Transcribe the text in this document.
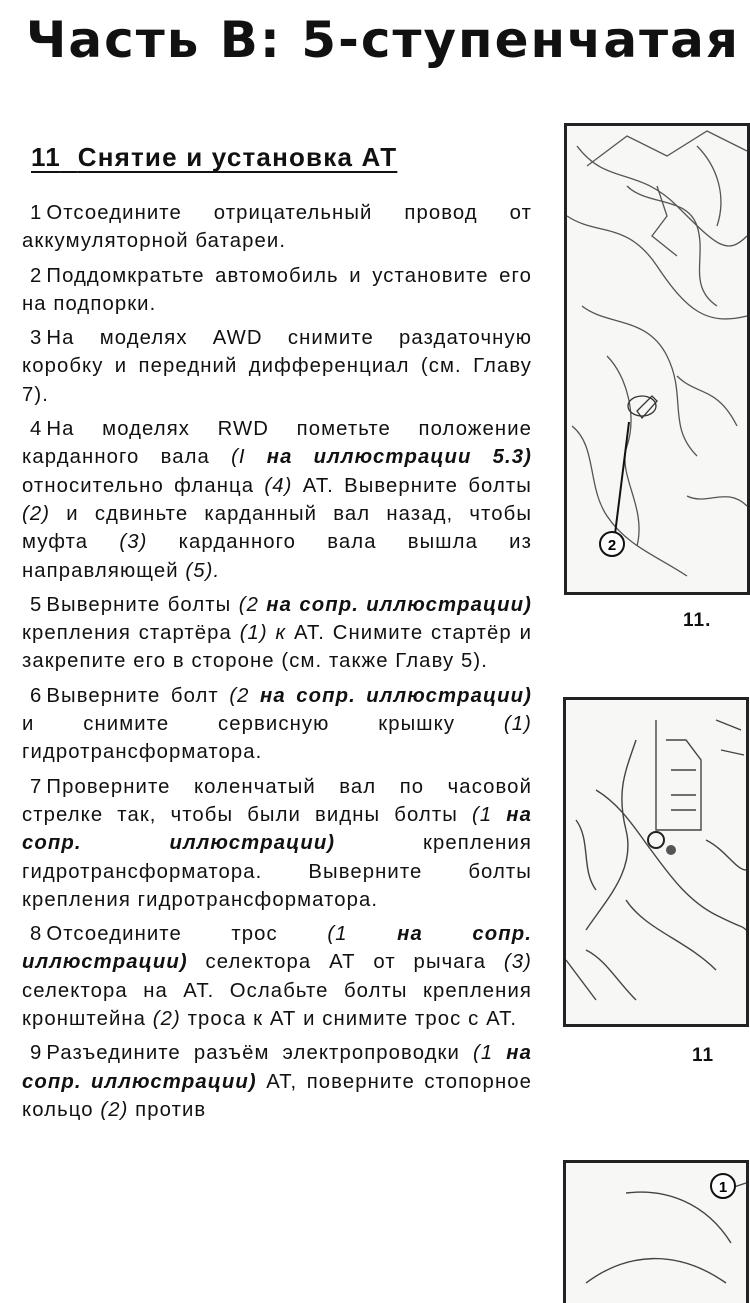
Часть В: 5-ступенчатая
11 Снятие и установка АТ

1 Отсоедините отрицательный провод от аккумуляторной батареи.

2 Поддомкратьте автомобиль и установите его на подпорки.

3 На моделях AWD снимите раздаточную коробку и передний дифференциал (см. Главу 7).

4 На моделях RWD пометьте положение карданного вала (I на иллюстрации 5.3) относительно фланца (4) АТ. Выверните болты (2) и сдвиньте карданный вал назад, чтобы муфта (3) карданного вала вышла из направляющей (5).

5 Выверните болты (2 на сопр. иллюстрации) крепления стартёра (1) к АТ. Снимите стартёр и закрепите его в стороне (см. также Главу 5).

6 Выверните болт (2 на сопр. иллюстрации) и снимите сервисную крышку (1) гидротрансформатора.

7 Проверните коленчатый вал по часовой стрелке так, чтобы были видны болты (1 на сопр. иллюстрации) крепления гидротрансформатора. Выверните болты крепления гидротрансформатора.

8 Отсоедините трос (1 на сопр. иллюстрации) селектора АТ от рычага (3) селектора на АТ. Ослабьте болты крепления кронштейна (2) троса к АТ и снимите трос с АТ.

9 Разъедините разъём электропроводки (1 на сопр. иллюстрации) АТ, поверните стопорное кольцо (2) против

2
11.
11
1
